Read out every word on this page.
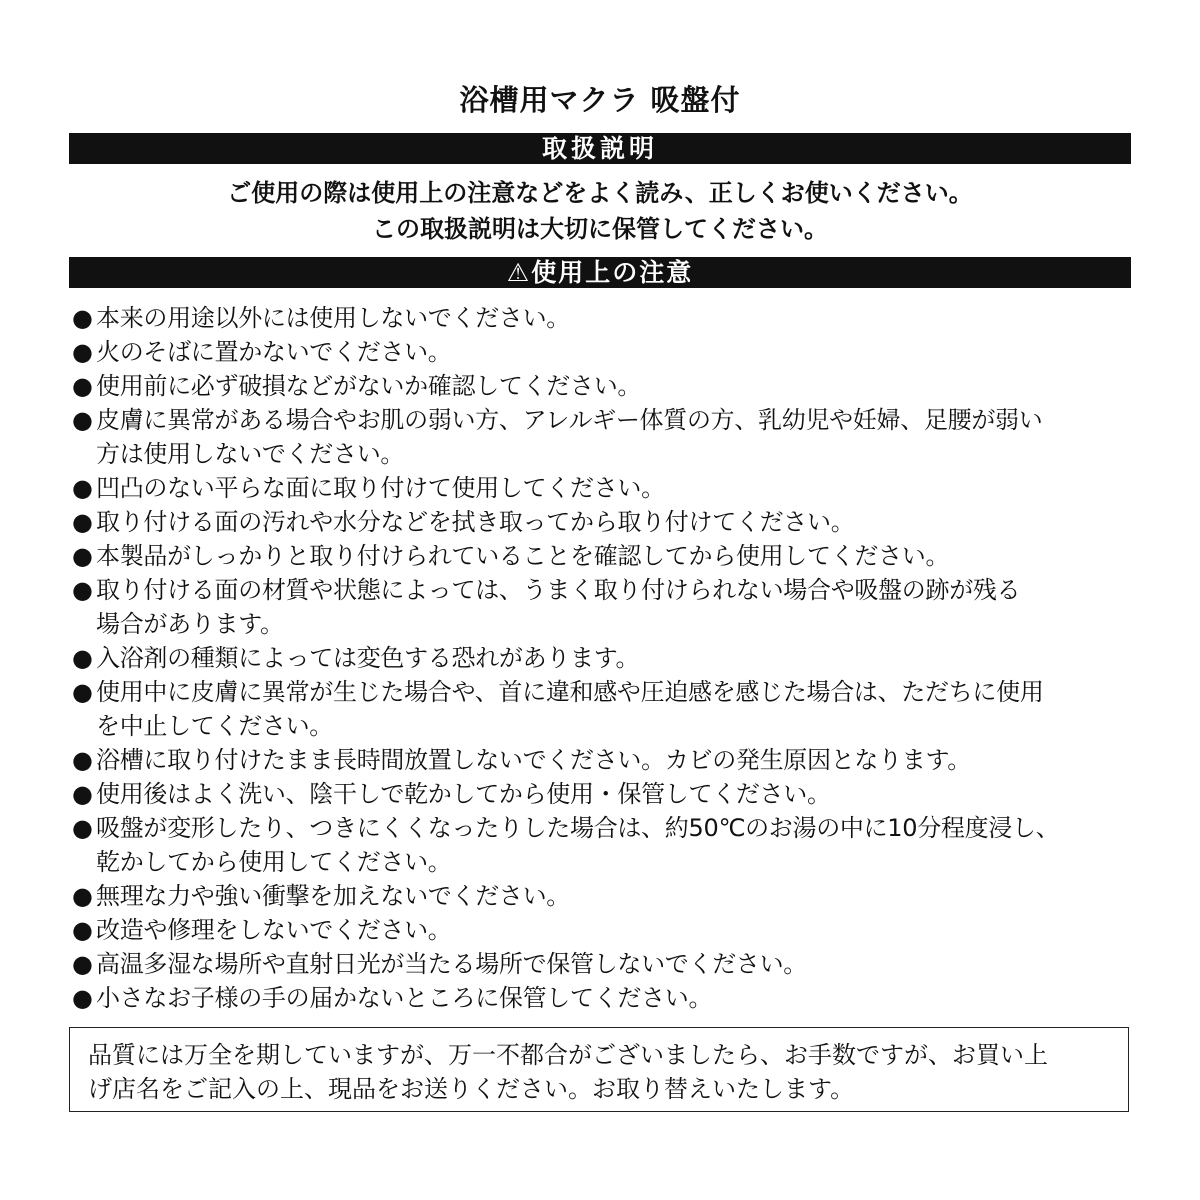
浴槽用マクラ 吸盤付
取扱説明
ご使用の際は使用上の注意などをよく読み、正しくお使いください。
この取扱説明は大切に保管してください。
⚠使用上の注意
● 本来の用途以外には使用しないでください。
● 火のそばに置かないでください。
● 使用前に必ず破損などがないか確認してください。
● 皮膚に異常がある場合やお肌の弱い方、アレルギー体質の方、乳幼児や妊婦、足腰が弱い
方は使用しないでください。
● 凹凸のない平らな面に取り付けて使用してください。
● 取り付ける面の汚れや水分などを拭き取ってから取り付けてください。
● 本製品がしっかりと取り付けられていることを確認してから使用してください。
● 取り付ける面の材質や状態によっては、うまく取り付けられない場合や吸盤の跡が残る
場合があります。
● 入浴剤の種類によっては変色する恐れがあります。
● 使用中に皮膚に異常が生じた場合や、首に違和感や圧迫感を感じた場合は、ただちに使用
を中止してください。
● 浴槽に取り付けたまま長時間放置しないでください。カビの発生原因となります。
● 使用後はよく洗い、陰干しで乾かしてから使用・保管してください。
● 吸盤が変形したり、つきにくくなったりした場合は、約50℃のお湯の中に10分程度浸し、
乾かしてから使用してください。
● 無理な力や強い衝撃を加えないでください。
● 改造や修理をしないでください。
● 高温多湿な場所や直射日光が当たる場所で保管しないでください。
● 小さなお子様の手の届かないところに保管してください。
品質には万全を期していますが、万一不都合がございましたら、お手数ですが、お買い上
げ店名をご記入の上、現品をお送りください。お取り替えいたします。
